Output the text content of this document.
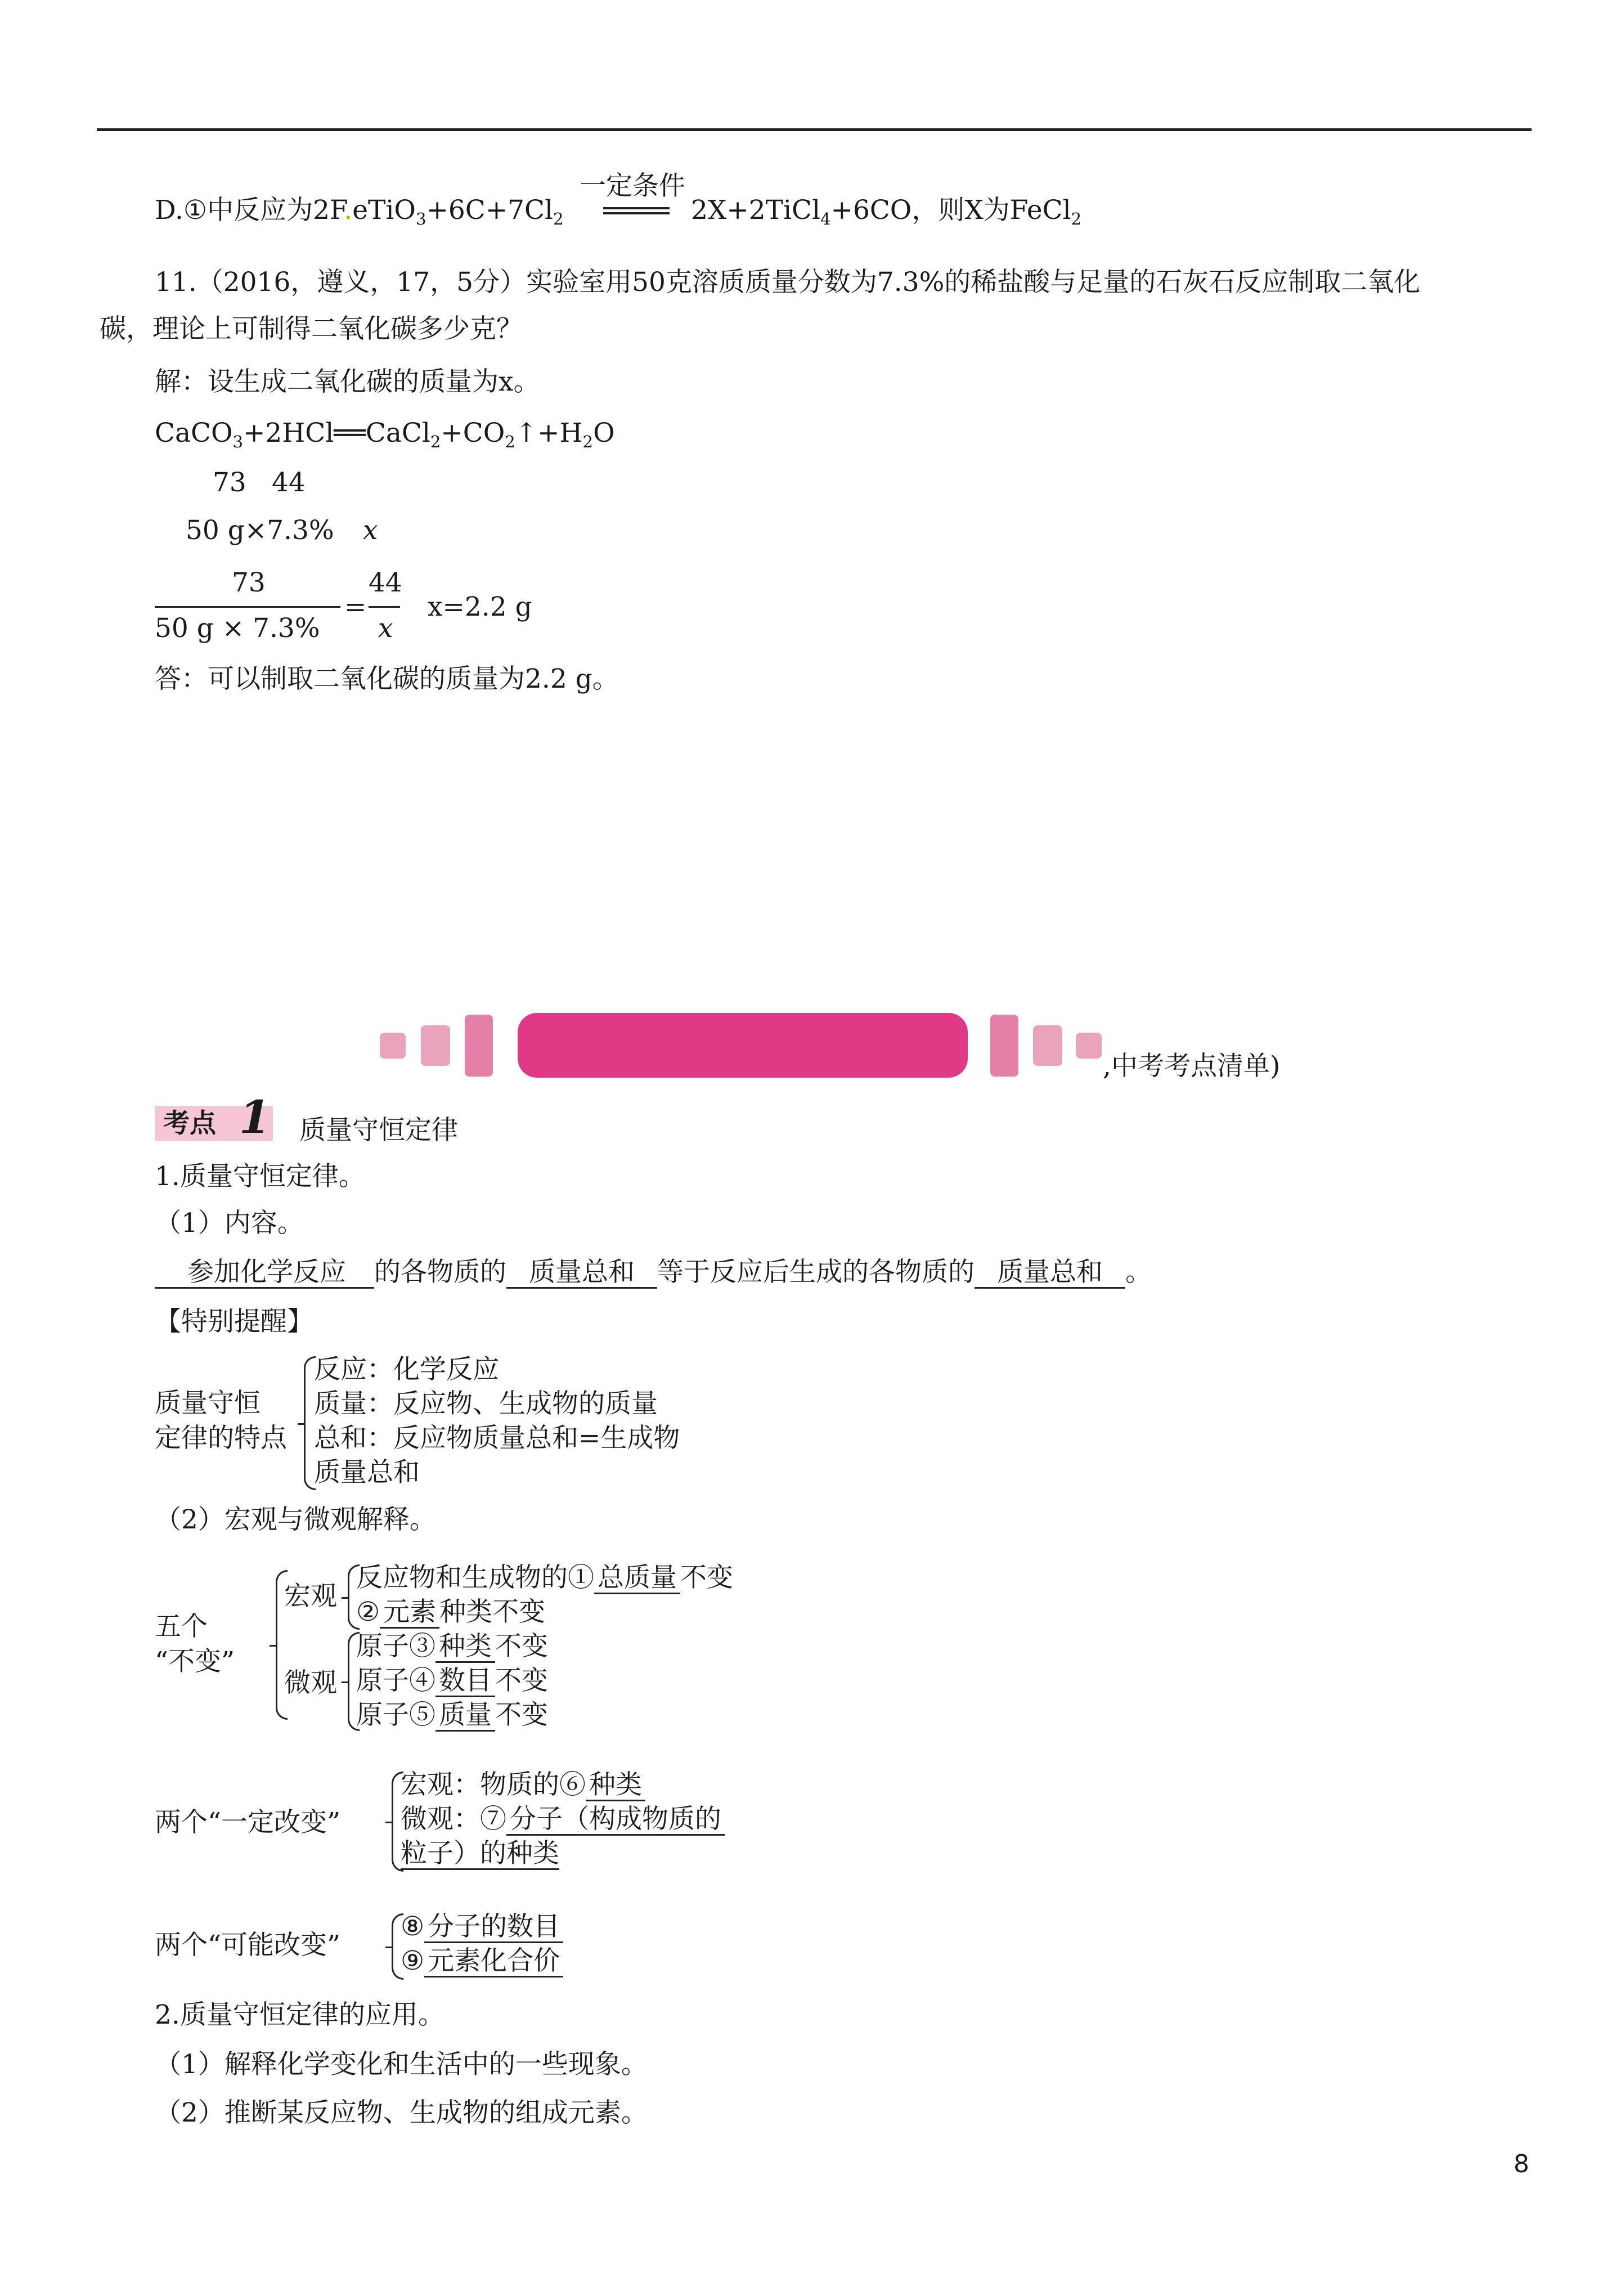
D.①中反应为$2F.eTiO_3+6C+7Cl_2$
一定条件
2X+2TiCl$_4$+6CO，则X为FeCl$_2$
11.（2016，遵义，17，5分）实验室用50克溶质质量分数为7.3%的稀盐酸与足量的石灰石反应制取二氧化
碳，理论上可制得二氧化碳多少克？
解：设生成二氧化碳的质量为x。
$CaCO_3+2HCl══CaCl_2+CO_2↑+H_2O$
73 44
50 g×7.3% x
73
50 g × 7.3%
=
44
x
x=2.2 g
答：可以制取二氧化碳的质量为2.2 g。
,中考考点清单)
考点 1 质量守恒定律
1.质量守恒定律。
（1）内容。
参加化学反应 的各物质的 质量总和 等于反应后生成的各物质的 质量总和 。
【特别提醒】
质量守恒
定律的特点
反应：化学反应
质量：反应物、生成物的质量
总和：反应物质量总和=生成物
质量总和
（2）宏观与微观解释。
五个
“不变”
宏观
微观
反应物和生成物的① 总质量 不变
② 元素 种类不变
原子③ 种类 不变
原子④ 数目 不变
原子⑤ 质量 不变
两个“一定改变”
宏观：物质的⑥ 种类
微观：⑦ 分子（构成物质的
粒子）的种类
两个“可能改变”
⑧ 分子的数目
⑨ 元素化合价
2.质量守恒定律的应用。
（1）解释化学变化和生活中的一些现象。
（2）推断某反应物、生成物的组成元素。
8
